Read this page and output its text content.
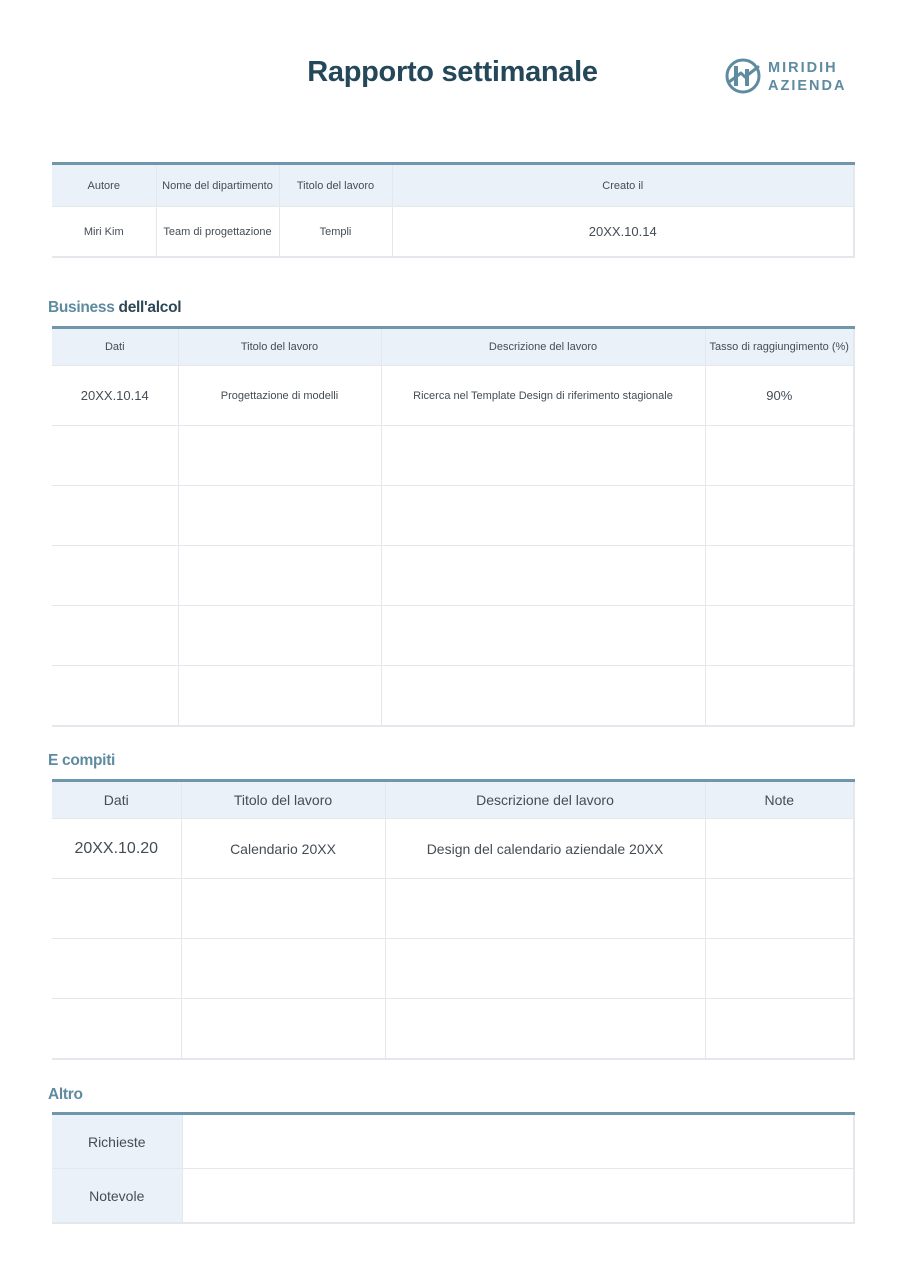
Rapporto settimanale	MIRIDIH
AZIENDA
Autore	Nome del dipartimento	Titolo del lavoro	Creato il
Miri Kim	Team di progettazione	Templi	20XX.10.14
Business dell'alcol
Dati	Titolo del lavoro	Descrizione del lavoro	Tasso di raggiungimento (%)
20XX.10.14	Progettazione di modelli	Ricerca nel Template Design di riferimento stagionale	90%

E compiti
Dati	Titolo del lavoro	Descrizione del lavoro	Note
20XX.10.20	Calendario 20XX	Design del calendario aziendale 20XX	

Altro
Richieste	
Notevole	
